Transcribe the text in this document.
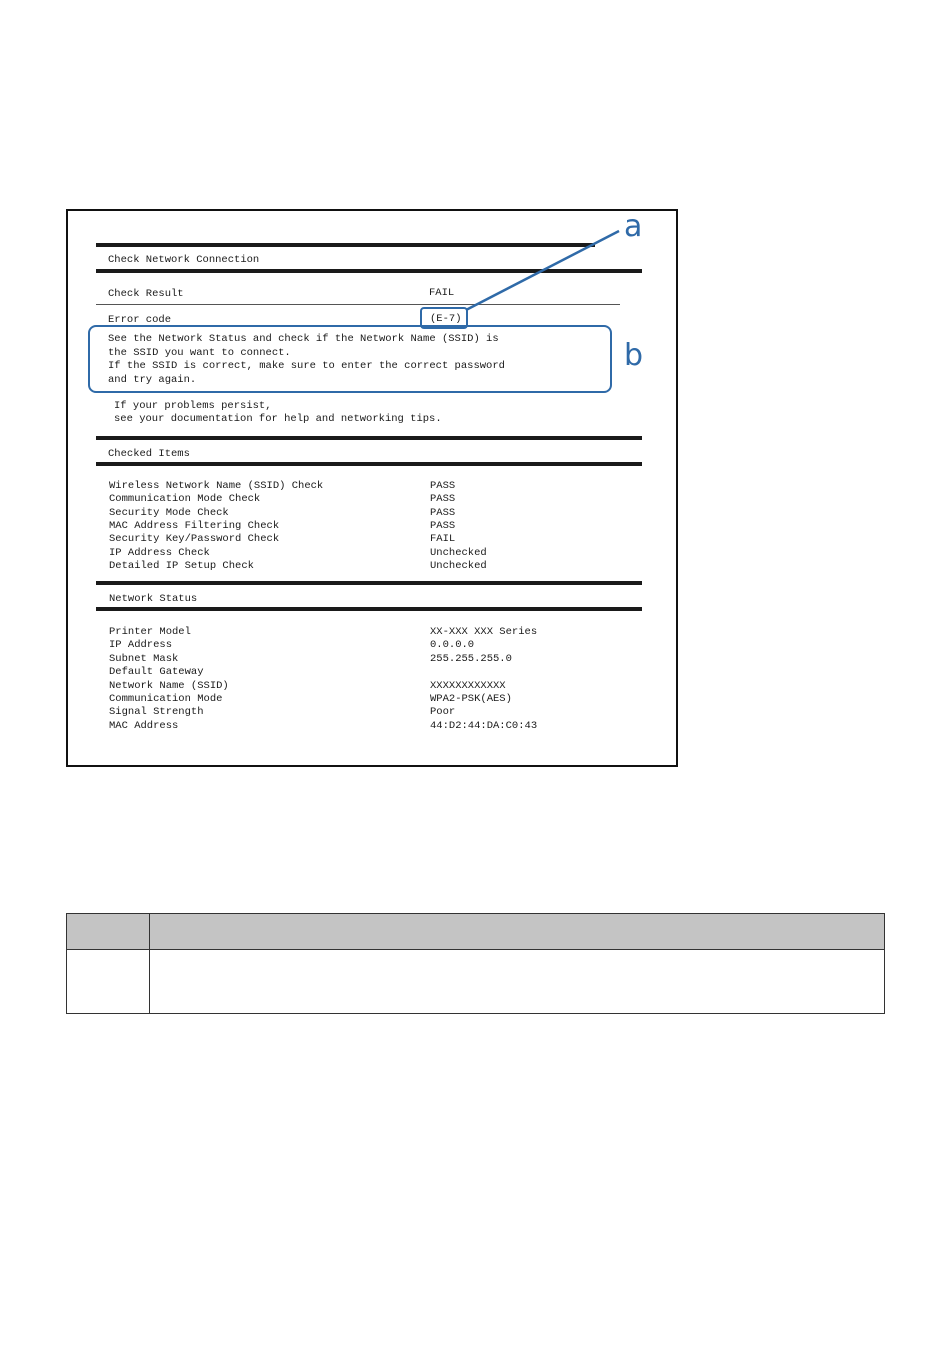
Check Network Connection
Check Result	FAIL
Error code	(E-7)
See the Network Status and check if the Network Name (SSID) is
the SSID you want to connect.
If the SSID is correct, make sure to enter the correct password
and try again.
If your problems persist,
see your documentation for help and networking tips.
Checked Items
Wireless Network Name (SSID) Check	PASS
Communication Mode Check	PASS
Security Mode Check	PASS
MAC Address Filtering Check	PASS
Security Key/Password Check	FAIL
IP Address Check	Unchecked
Detailed IP Setup Check	Unchecked
Network Status
Printer Model	XX-XXX XXX Series
IP Address	0.0.0.0
Subnet Mask	255.255.255.0
Default Gateway
Network Name (SSID)	XXXXXXXXXXXX
Communication Mode	WPA2-PSK(AES)
Signal Strength	Poor
MAC Address	44:D2:44:DA:C0:43
a
b
